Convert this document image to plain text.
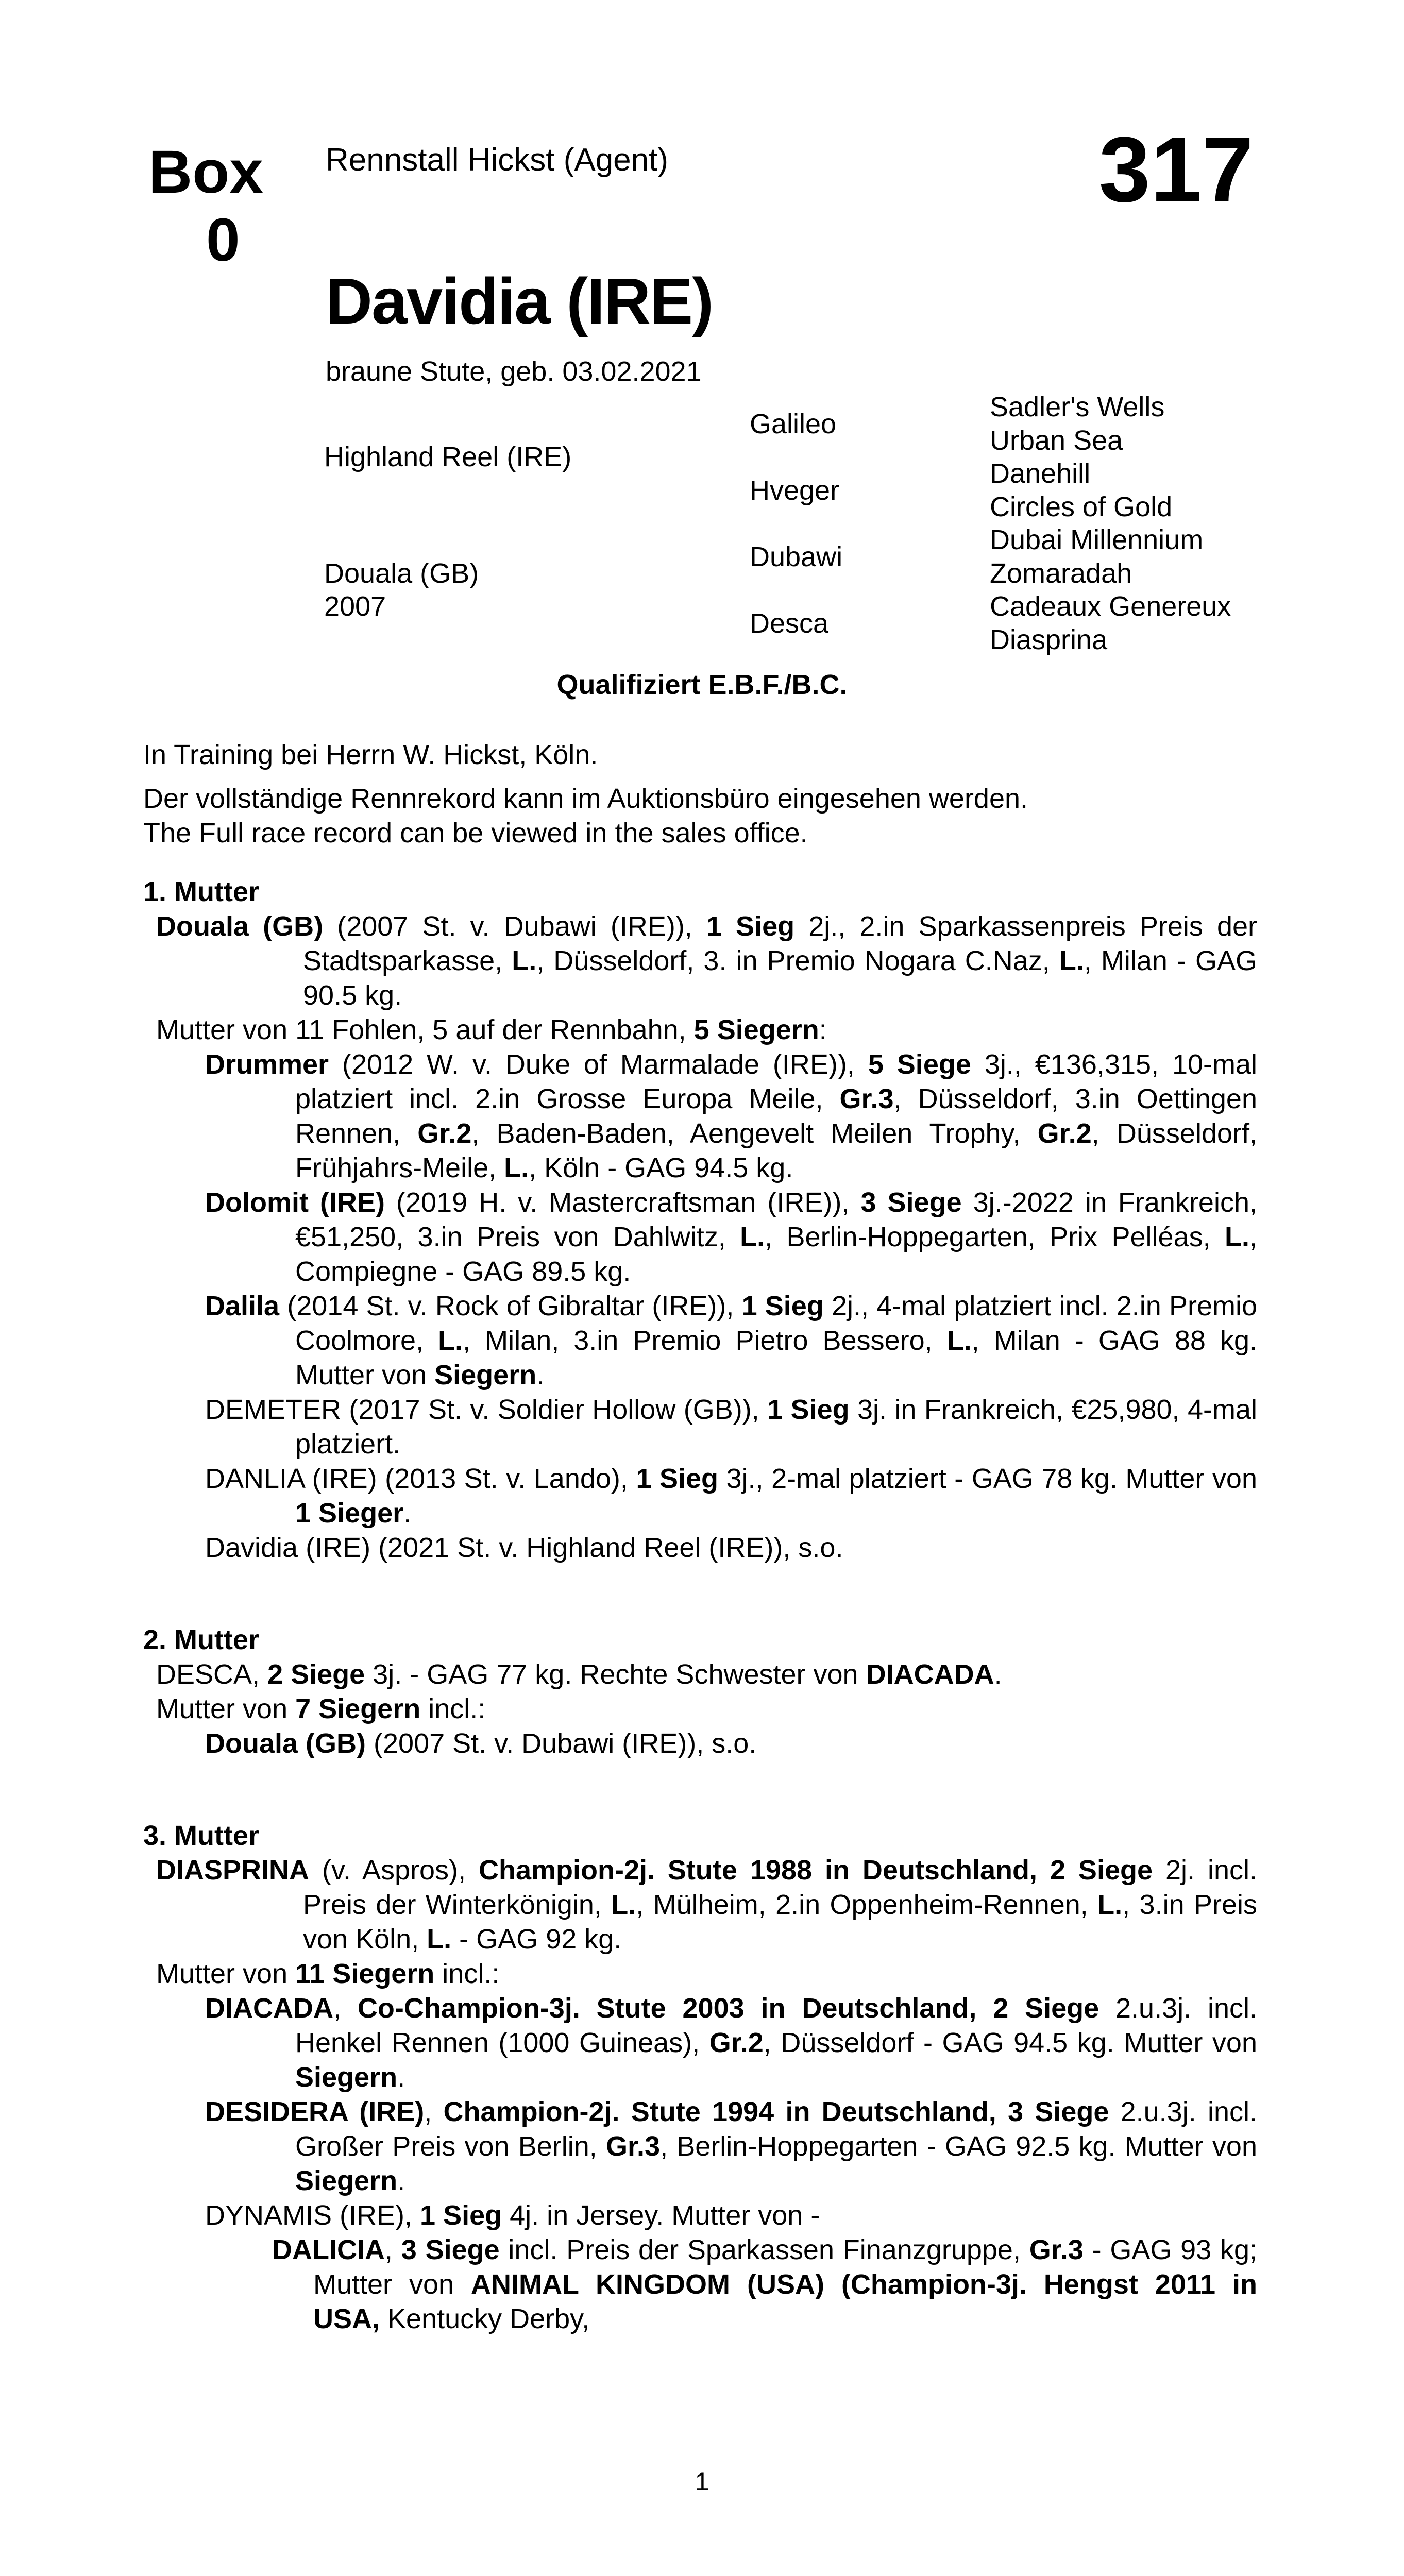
Box
0
Rennstall Hickst (Agent)	317
Davidia (IRE)
braune Stute, geb. 03.02.2021
Highland Reel (IRE)
Douala (GB)
2007
Galileo
Hveger
Dubawi
Desca
Sadler's Wells
Urban Sea
Danehill
Circles of Gold
Dubai Millennium
Zomaradah
Cadeaux Genereux
Diasprina
Qualifiziert E.B.F./B.C.
In Training bei Herrn W. Hickst, Köln.
Der vollständige Rennrekord kann im Auktionsbüro eingesehen werden.
The Full race record can be viewed in the sales office.
1. Mutter
Douala (GB) (2007 St. v. Dubawi (IRE)), 1 Sieg 2j., 2.in Sparkassenpreis Preis der Stadtsparkasse, L., Düsseldorf, 3. in Premio Nogara C.Naz, L., Milan - GAG 90.5 kg.
Mutter von 11 Fohlen, 5 auf der Rennbahn, 5 Siegern:
Drummer (2012 W. v. Duke of Marmalade (IRE)), 5 Siege 3j., €136,315, 10-mal platziert incl. 2.in Grosse Europa Meile, Gr.3, Düsseldorf, 3.in Oettingen Rennen, Gr.2, Baden-Baden, Aengevelt Meilen Trophy, Gr.2, Düsseldorf, Frühjahrs-Meile, L., Köln - GAG 94.5 kg.
Dolomit (IRE) (2019 H. v. Mastercraftsman (IRE)), 3 Siege 3j.-2022 in Frankreich, €51,250, 3.in Preis von Dahlwitz, L., Berlin-Hoppegarten, Prix Pelléas, L., Compiegne - GAG 89.5 kg.
Dalila (2014 St. v. Rock of Gibraltar (IRE)), 1 Sieg 2j., 4-mal platziert incl. 2.in Premio Coolmore, L., Milan, 3.in Premio Pietro Bessero, L., Milan - GAG 88 kg. Mutter von Siegern.
DEMETER (2017 St. v. Soldier Hollow (GB)), 1 Sieg 3j. in Frankreich, €25,980, 4-mal platziert.
DANLIA (IRE) (2013 St. v. Lando), 1 Sieg 3j., 2-mal platziert - GAG 78 kg. Mutter von 1 Sieger.
Davidia (IRE) (2021 St. v. Highland Reel (IRE)), s.o.
2. Mutter
DESCA, 2 Siege 3j. - GAG 77 kg. Rechte Schwester von DIACADA.
Mutter von 7 Siegern incl.:
Douala (GB) (2007 St. v. Dubawi (IRE)), s.o.
3. Mutter
DIASPRINA (v. Aspros), Champion-2j. Stute 1988 in Deutschland, 2 Siege 2j. incl. Preis der Winterkönigin, L., Mülheim, 2.in Oppenheim-Rennen, L., 3.in Preis von Köln, L. - GAG 92 kg.
Mutter von 11 Siegern incl.:
DIACADA, Co-Champion-3j. Stute 2003 in Deutschland, 2 Siege 2.u.3j. incl. Henkel Rennen (1000 Guineas), Gr.2, Düsseldorf - GAG 94.5 kg. Mutter von Siegern.
DESIDERA (IRE), Champion-2j. Stute 1994 in Deutschland, 3 Siege 2.u.3j. incl. Großer Preis von Berlin, Gr.3, Berlin-Hoppegarten - GAG 92.5 kg. Mutter von Siegern.
DYNAMIS (IRE), 1 Sieg 4j. in Jersey. Mutter von -
DALICIA, 3 Siege incl. Preis der Sparkassen Finanzgruppe, Gr.3 - GAG 93 kg; Mutter von ANIMAL KINGDOM (USA) (Champion-3j. Hengst 2011 in USA, Kentucky Derby,
1
